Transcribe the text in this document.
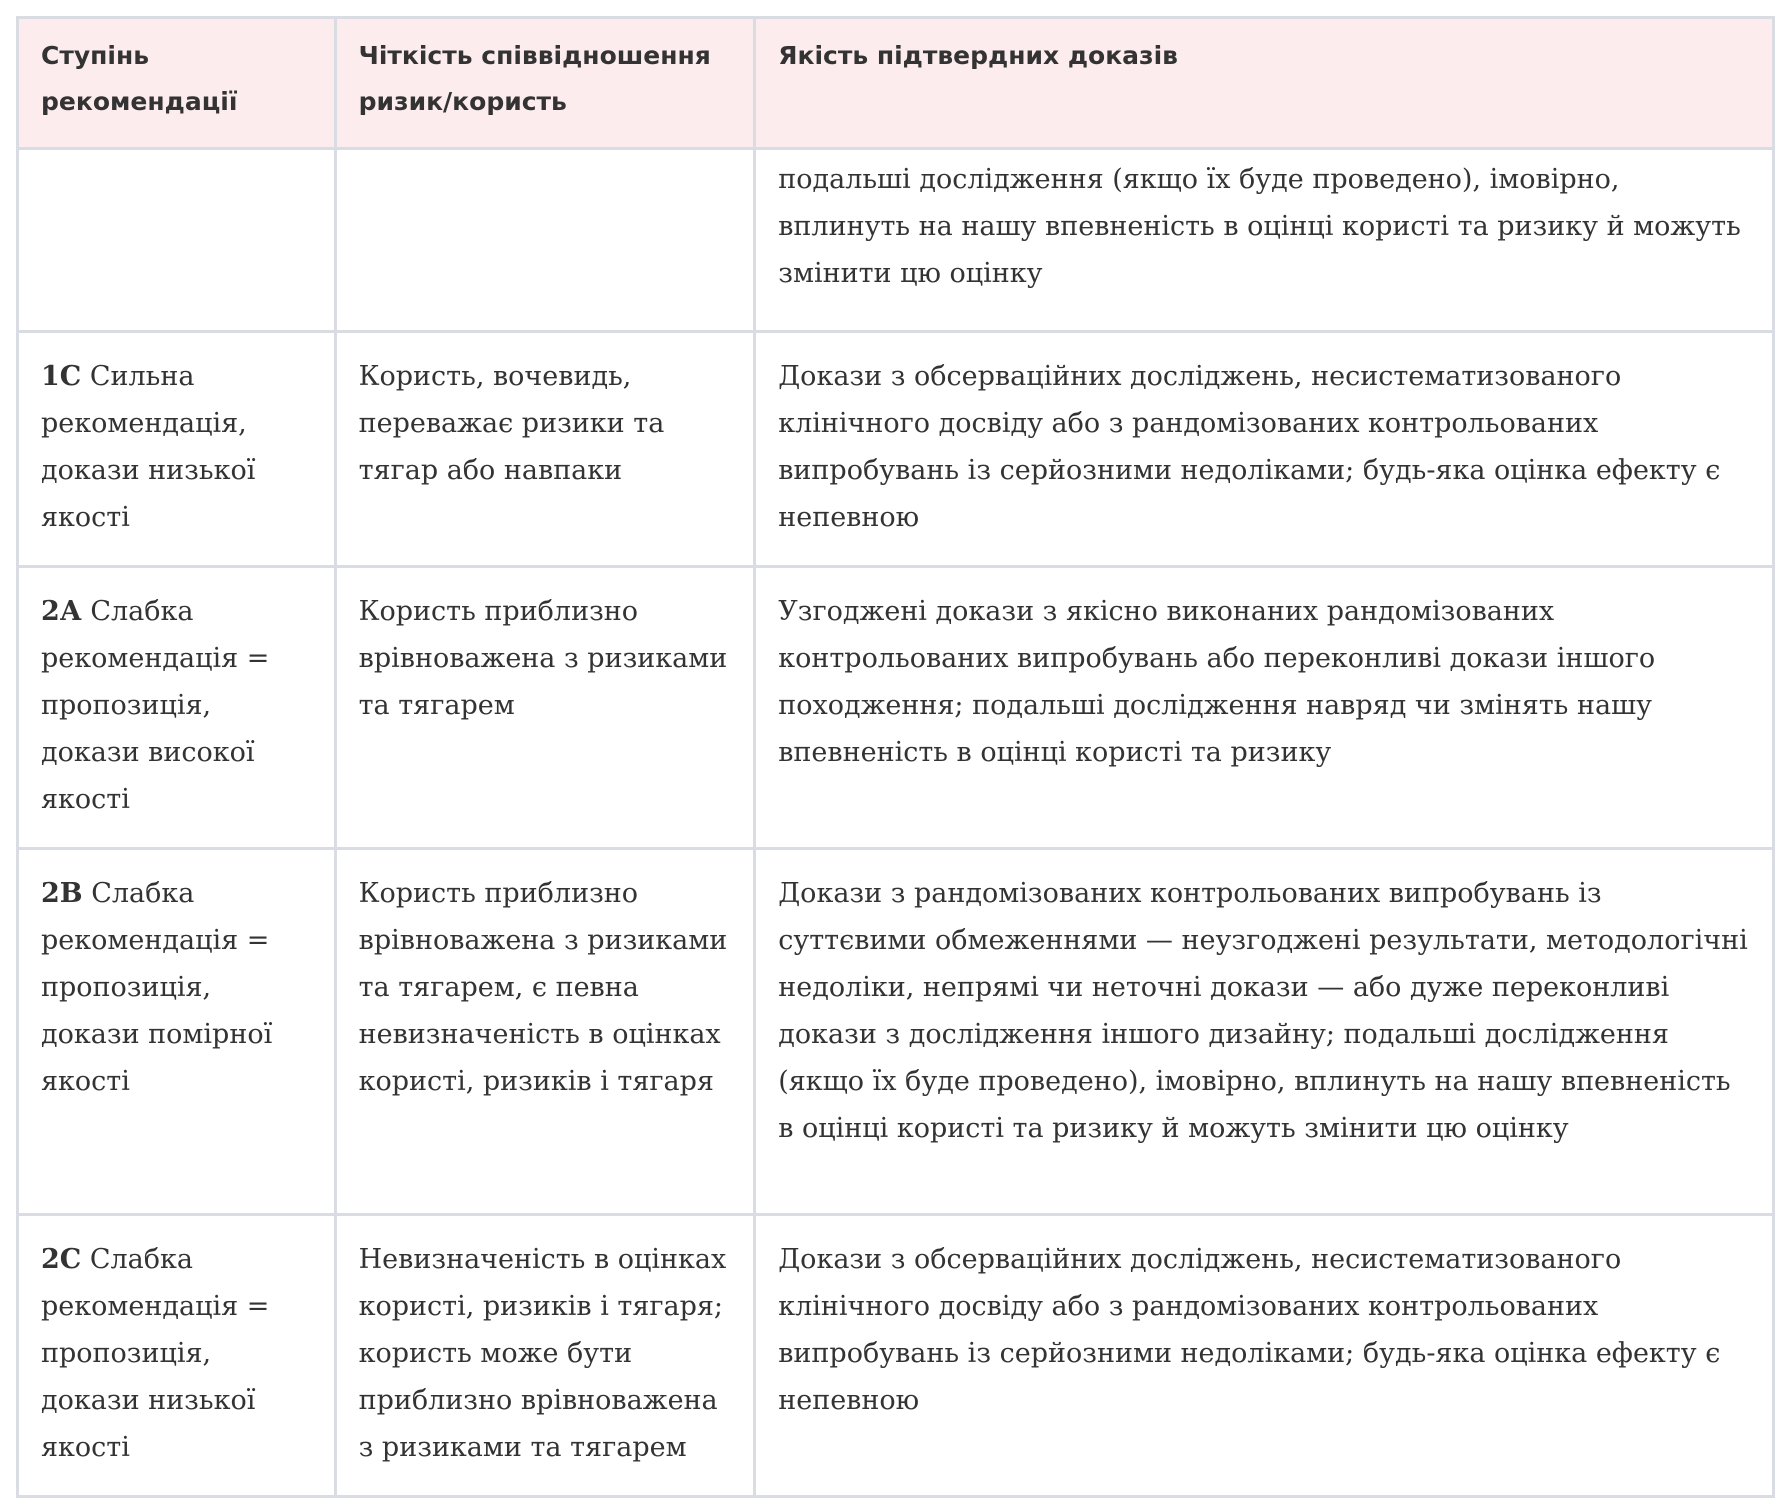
Ступінь рекомендації	Чіткість співвідношення ризик/користь	Якість підтвердних доказів
		подальші дослідження (якщо їх буде проведено), імовірно, вплинуть на нашу впевненість в оцінці користі та ризику й можуть змінити цю оцінку
1С Сильна рекомендація, докази низької якості	Користь, вочевидь, переважає ризики та тягар або навпаки	Докази з обсерваційних досліджень, несистематизованого клінічного досвіду або з рандомізованих контрольованих випробувань із серйозними недоліками; будь-яка оцінка ефекту є непевною
2А Слабка рекомендація = пропозиція, докази високої якості	Користь приблизно врівноважена з ризиками та тягарем	Узгоджені докази з якісно виконаних рандомізованих контрольованих випробувань або переконливі докази іншого походження; подальші дослідження навряд чи змінять нашу впевненість в оцінці користі та ризику
2В Слабка рекомендація = пропозиція, докази помірної якості	Користь приблизно врівноважена з ризиками та тягарем, є певна невизначеність в оцінках користі, ризиків і тягаря	Докази з рандомізованих контрольованих випробувань із суттєвими обмеженнями — неузгоджені результати, методологічні недоліки, непрямі чи неточні докази — або дуже переконливі докази з дослідження іншого дизайну; подальші дослідження (якщо їх буде проведено), імовірно, вплинуть на нашу впевненість в оцінці користі та ризику й можуть змінити цю оцінку
2С Слабка рекомендація = пропозиція, докази низької якості	Невизначеність в оцінках користі, ризиків і тягаря; користь може бути приблизно врівноважена з ризиками та тягарем	Докази з обсерваційних досліджень, несистематизованого клінічного досвіду або з рандомізованих контрольованих випробувань із серйозними недоліками; будь-яка оцінка ефекту є непевною
